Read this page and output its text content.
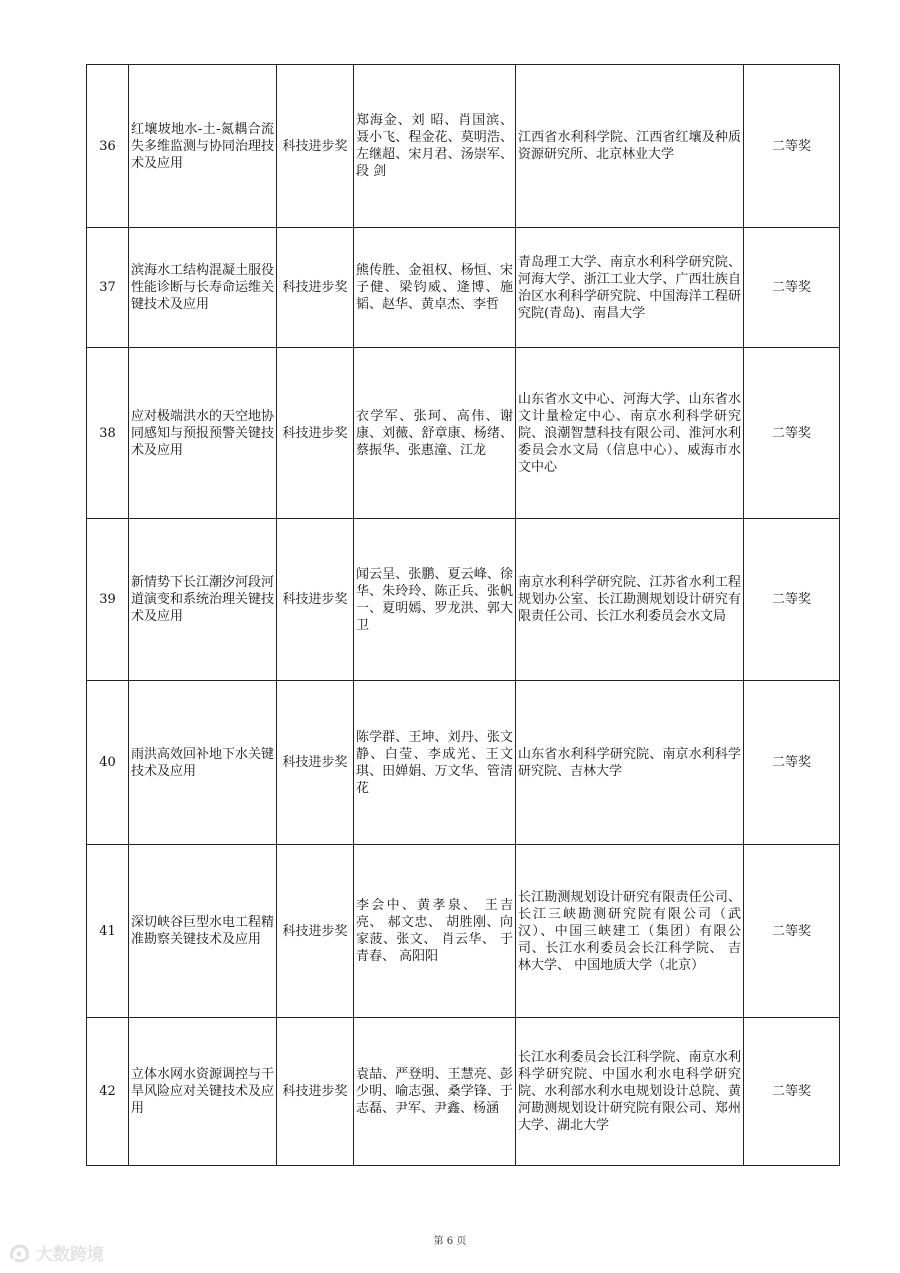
36	红壤坡地水-土-氮耦合流失多维监测与协同治理技术及应用	科技进步奖	郑海金、刘 昭、肖国滨、聂小飞、程金花、莫明浩、左继超、宋月君、汤崇军、段 剑	江西省水利科学院、江西省红壤及种质资源研究所、北京林业大学	二等奖
37	滨海水工结构混凝土服役性能诊断与长寿命运维关键技术及应用	科技进步奖	熊传胜、金祖权、杨恒、宋子健、梁钧威、逄博、施韬、赵华、黄卓杰、李哲	青岛理工大学、南京水利科学研究院、河海大学、浙江工业大学、广西壮族自治区水利科学研究院、中国海洋工程研究院(青岛)、南昌大学	二等奖
38	应对极端洪水的天空地协同感知与预报预警关键技术及应用	科技进步奖	衣学军、张珂、高伟、谢康、刘薇、舒章康、杨绪、蔡振华、张惠潼、江龙	山东省水文中心、河海大学、山东省水文计量检定中心、南京水利科学研究院、浪潮智慧科技有限公司、淮河水利委员会水文局（信息中心）、威海市水文中心	二等奖
39	新情势下长江潮汐河段河道演变和系统治理关键技术及应用	科技进步奖	闻云呈、张鹏、夏云峰、徐华、朱玲玲、陈正兵、张帆一、夏明嫣、罗龙洪、郭大卫	南京水利科学研究院、江苏省水利工程规划办公室、长江勘测规划设计研究有限责任公司、长江水利委员会水文局	二等奖
40	雨洪高效回补地下水关键技术及应用	科技进步奖	陈学群、王坤、刘丹、张文静、白莹、李成光、王文琪、田婵娟、万文华、管清花	山东省水利科学研究院、南京水利科学研究院、吉林大学	二等奖
41	深切峡谷巨型水电工程精准勘察关键技术及应用	科技进步奖	李会中、黄孝泉、 王吉亮、 郝文忠、 胡胜刚、向家菠、张文、 肖云华、 于青春、 高阳阳	长江勘测规划设计研究有限责任公司、长江三峡勘测研究院有限公司（武汉）、中国三峡建工（集团）有限公司、长江水利委员会长江科学院、 吉林大学、 中国地质大学（北京）	二等奖
42	立体水网水资源调控与干旱风险应对关键技术及应用	科技进步奖	袁喆、严登明、王慧亮、彭少明、喻志强、桑学锋、于志磊、尹军、尹鑫、杨涵	长江水利委员会长江科学院、南京水利科学研究院、中国水利水电科学研究院、水利部水利水电规划设计总院、黄河勘测规划设计研究院有限公司、郑州大学、湖北大学	二等奖
第 6 页
大数跨境
